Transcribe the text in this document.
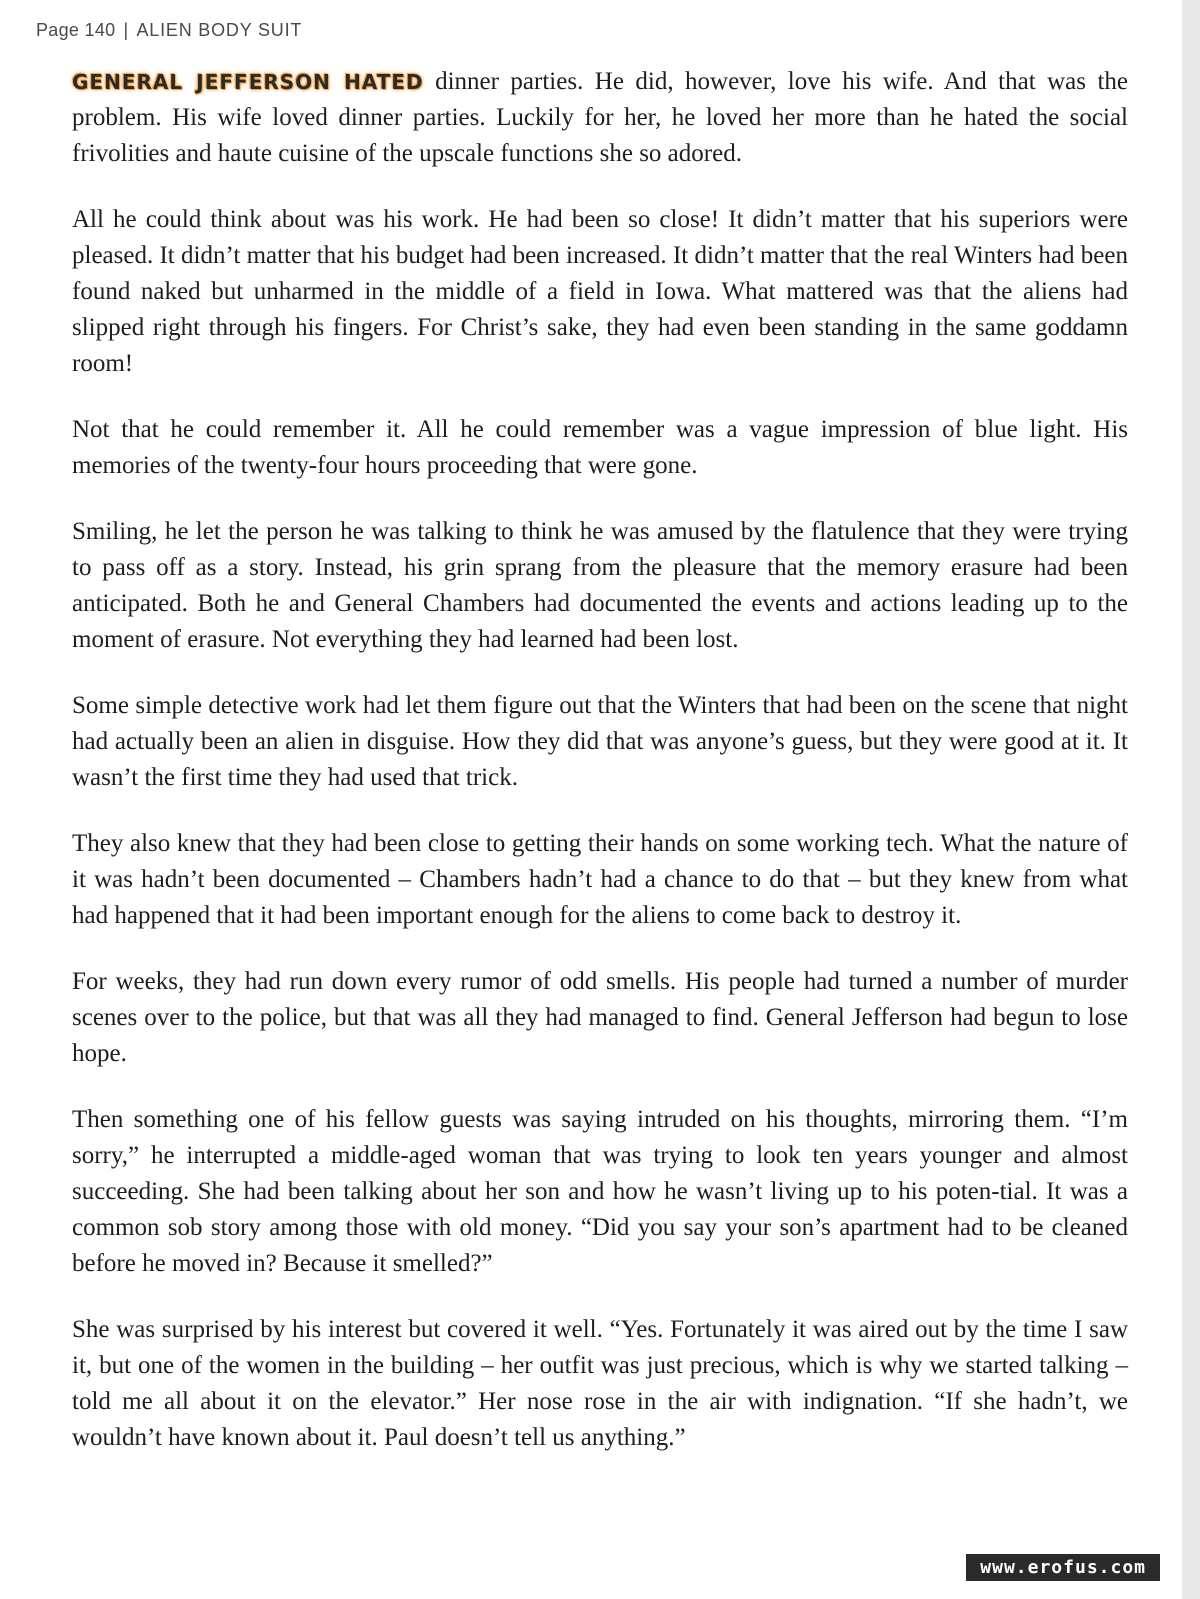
Page 140 | ALIEN BODY SUIT

GENERAL JEFFERSON HATED dinner parties. He did, however, love his wife. And that was the problem. His wife loved dinner parties. Luckily for her, he loved her more than he hated the social frivolities and haute cuisine of the upscale functions she so adored.

All he could think about was his work. He had been so close! It didn’t matter that his superiors were pleased. It didn’t matter that his budget had been increased. It didn’t matter that the real Winters had been found naked but unharmed in the middle of a field in Iowa. What mattered was that the aliens had slipped right through his fingers. For Christ’s sake, they had even been standing in the same goddamn room!

Not that he could remember it. All he could remember was a vague impression of blue light. His memories of the twenty-four hours proceeding that were gone.

Smiling, he let the person he was talking to think he was amused by the flatulence that they were trying to pass off as a story. Instead, his grin sprang from the pleasure that the memory erasure had been anticipated. Both he and General Chambers had documented the events and actions leading up to the moment of erasure. Not everything they had learned had been lost.

Some simple detective work had let them figure out that the Winters that had been on the scene that night had actually been an alien in disguise. How they did that was anyone’s guess, but they were good at it. It wasn’t the first time they had used that trick.

They also knew that they had been close to getting their hands on some working tech. What the nature of it was hadn’t been documented – Chambers hadn’t had a chance to do that – but they knew from what had happened that it had been important enough for the aliens to come back to destroy it.

For weeks, they had run down every rumor of odd smells. His people had turned a number of murder scenes over to the police, but that was all they had managed to find. General Jefferson had begun to lose hope.

Then something one of his fellow guests was saying intruded on his thoughts, mirroring them. “I’m sorry,” he interrupted a middle-aged woman that was trying to look ten years younger and almost succeeding. She had been talking about her son and how he wasn’t living up to his poten-tial. It was a common sob story among those with old money. “Did you say your son’s apartment had to be cleaned before he moved in? Because it smelled?”

She was surprised by his interest but covered it well. “Yes. Fortunately it was aired out by the time I saw it, but one of the women in the building – her outfit was just precious, which is why we started talking – told me all about it on the elevator.” Her nose rose in the air with indignation. “If she hadn’t, we wouldn’t have known about it. Paul doesn’t tell us anything.”

www.erofus.com
